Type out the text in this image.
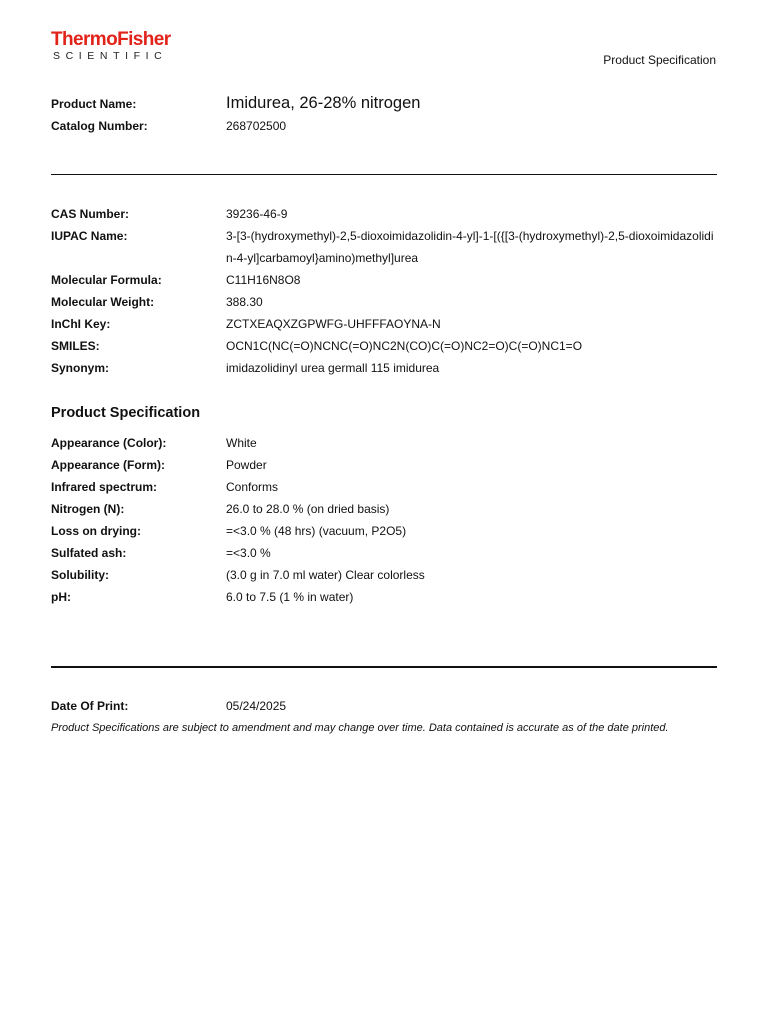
ThermoFisher
SCIENTIFIC	Product Specification
Product Name:	Imidurea, 26-28% nitrogen
Catalog Number:	268702500
CAS Number:	39236-46-9
IUPAC Name:	3-[3-(hydroxymethyl)-2,5-dioxoimidazolidin-4-yl]-1-[({[3-(hydroxymethyl)-2,5-dioxoimidazolidin-4-yl]carbamoyl}amino)methyl]urea
Molecular Formula:	C11H16N8O8
Molecular Weight:	388.30
InChI Key:	ZCTXEAQXZGPWFG-UHFFFAOYNA-N
SMILES:	OCN1C(NC(=O)NCNC(=O)NC2N(CO)C(=O)NC2=O)C(=O)NC1=O
Synonym:	imidazolidinyl urea germall 115 imidurea
Product Specification
Appearance (Color):	White
Appearance (Form):	Powder
Infrared spectrum:	Conforms
Nitrogen (N):	26.0 to 28.0 % (on dried basis)
Loss on drying:	=<3.0 % (48 hrs) (vacuum, P2O5)
Sulfated ash:	=<3.0 %
Solubility:	(3.0 g in 7.0 ml water) Clear colorless
pH:	6.0 to 7.5 (1 % in water)
Date Of Print:	05/24/2025
Product Specifications are subject to amendment and may change over time. Data contained is accurate as of the date printed.
